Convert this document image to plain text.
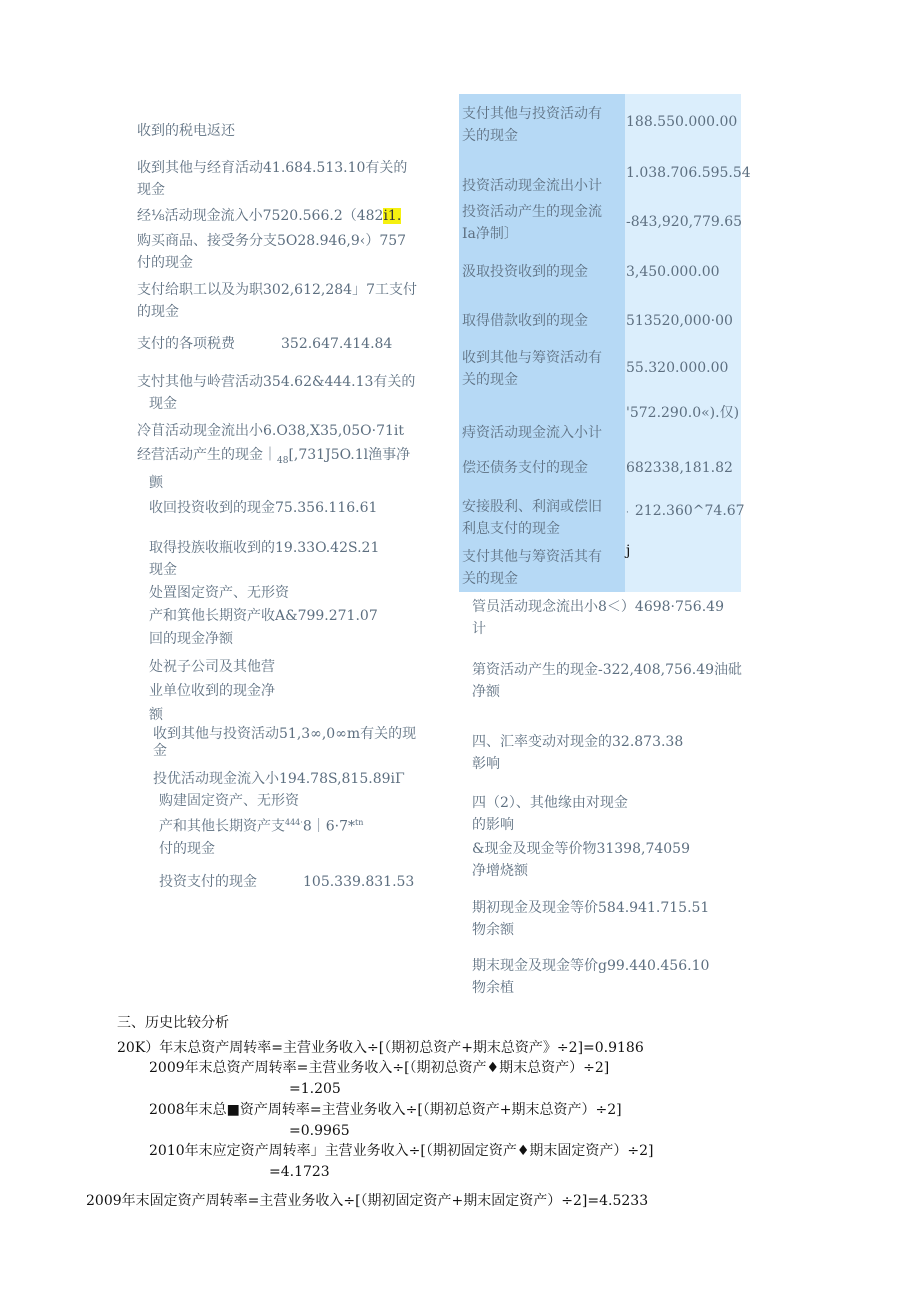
收到的税电返还
收到其他与经育活动41.684.513.10有关的
现金
经⅛活动现金流入小7520.566.2（482i1.
购买商品、接受务分支5O28.946,9‹）757
付的现金
支付给职工以及为职302,612,284」7工支付
的现金
支付的各项税费	352.647.414.84
支忖其他与岭营活动354.62&444.13有关的
现金
冷苜活动现金流出小6.O38,X35,05O·71it
经营活动产生的现金$|_{48}[,731J5O.1l$渔事净
颤
收回投资收到的现金75.356.116.61
取得投族收瓶收到的19.33O.42S.21
现金
处置图定资产、无形资
产和箕他长期资产收A&799.271.07
回的现金净额
处祝子公司及其他营
业单位收到的现金净
额
收到其他与投资活动51,3∞,0∞m有关的现
金
投优活动现金流入小194.78S,815.89iΓ
购建固定资产、无形资
产和其他长期资产支$^{444\cdot}$8｜6·7*$^{tn}$
付的现金
投资支付的现金	105.339.831.53
支付其他与投资活动有
关的现金
188.550.000.00
投资活动现金流出小计
1.038.706.595.54
投资活动产生的现金流
Ia净制〕
-843,920,779.65
汲取投资收到的现金	3,450.000.00
取得借款收到的现金	513520,000·00
收到其他与筹资活动有
关的现金
55.320.000.00
痔资活动现金流入小计
'572.290.0«).仅)
偿还债务支付的现金	682338,181.82
安接股利、利润或偿旧
利息支付的现金
· 212.360^74.67
支付其他与筹资活其有
关的现金
j
管员活动现念流出小8＜）4698·756.49
计
第资活动产生的现金-322,408,756.49油砒
净额
四、汇率变动对现金的32.873.38
彰响
四（2）、其他缘由对现金
的影响
&现金及现金等价物31398,74059
净增烧额
期初现金及现金等价584.941.715.51
物余额
期末现金及现金等价g99.440.456.10
物余植
三、历史比较分析
20K）年末总资产周转率=主营业务收入÷[（期初总资产+期末总资产》÷2]=0.9186
2009年末总资产周转率=主营业务收入÷[（期初总资产♦期末总资产）÷2]
=1.205
2008年末总■资产周转率=主营业务收入÷[（期初总资产+期末总资产）÷2]
=0.9965
2010年末应定资产周转率」主营业务收入÷[（期初固定资产♦期末固定资产）÷2]
=4.1723
2009年末固定资产周转率=主营业务收入÷[（期初固定资产+期末固定资产）÷2]=4.5233
